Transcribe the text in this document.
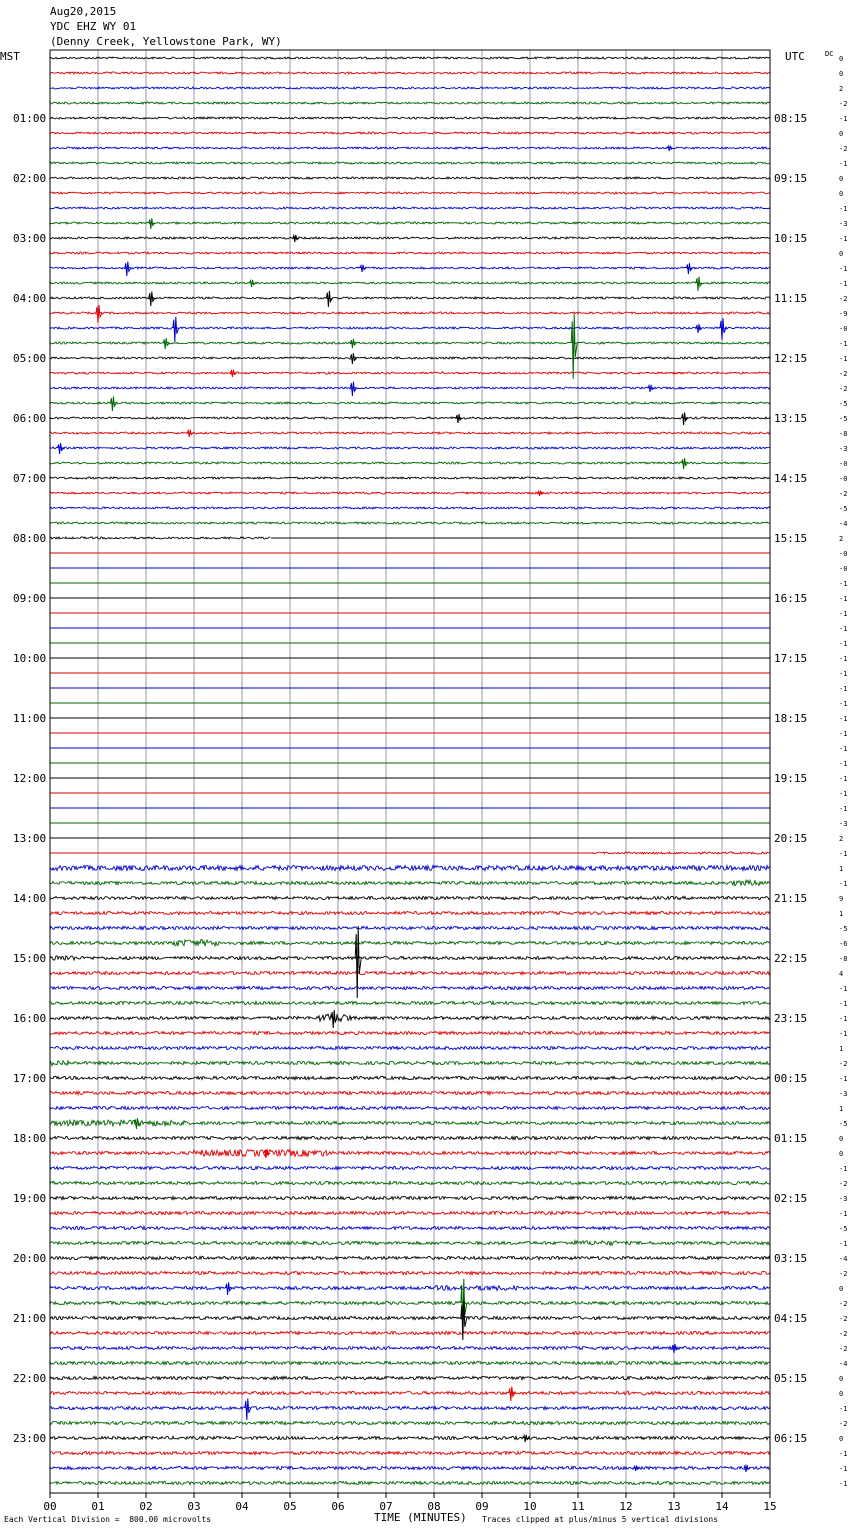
Aug20,2015
YDC EHZ WY 01
(Denny Creek, Yellowstone Park, WY)
01:00
02:00
03:00
04:00
05:00
06:00
07:00
08:00
09:00
10:00
11:00
12:00
13:00
14:00
15:00
16:00
17:00
18:00
19:00
20:00
21:00
22:00
23:00
08:15
09:15
10:15
11:15
12:15
13:15
14:15
15:15
16:15
17:15
18:15
19:15
20:15
21:15
22:15
23:15
00:15
01:15
02:15
03:15
04:15
05:15
06:15
0
0
2
-2
-1
0
-2
-1
0
0
-1
-3
-1
0
-1
-1
-2
-9
-0
-1
-1
-2
-2
-5
-5
-8
-3
-0
-0
-2
-5
-4
2
-0
-0
-1
-1
-1
-1
-1
-1
-1
-1
-1
-1
-1
-1
-1
-1
-1
-1
-3
2
-1
1
-1
9
1
-5
-6
-8
4
-1
-1
-1
-1
1
-2
-1
-3
1
-5
0
0
-1
-2
-3
-1
-5
-1
-4
-2
0
-2
-2
-2
-2
-4
0
0
-1
-2
0
-1
-1
-1
00	01	02	03	04	05	06	07	08	09	10	11	12	13	14	15
MST	UTC	DC
TIME (MINUTES)
Each Vertical Division =  800.00 microvolts	Traces clipped at plus/minus 5 vertical divisions
